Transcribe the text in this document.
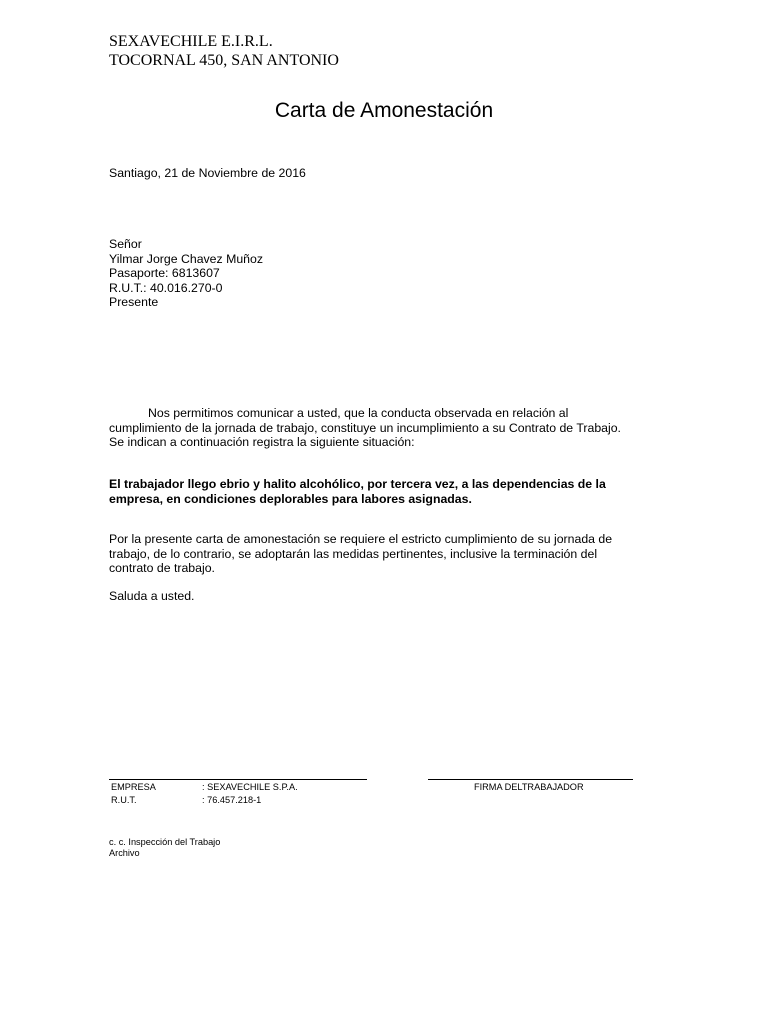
SEXAVECHILE E.I.R.L.
TOCORNAL 450, SAN ANTONIO
Carta de Amonestación
Santiago, 21 de Noviembre de 2016
Señor
Yilmar Jorge Chavez Muñoz
Pasaporte: 6813607
R.U.T.: 40.016.270-0
Presente
Nos permitimos comunicar a usted, que la conducta observada en relación al
cumplimiento de la jornada de trabajo, constituye un incumplimiento a su Contrato de Trabajo.
Se indican a continuación registra la siguiente situación:
El trabajador llego ebrio y halito alcohólico, por tercera vez, a las dependencias de la
empresa, en condiciones deplorables para labores asignadas.
Por la presente carta de amonestación se requiere el estricto cumplimiento de su jornada de
trabajo, de lo contrario, se adoptarán las medidas pertinentes, inclusive la terminación del
contrato de trabajo.
Saluda a usted.
EMPRESA	: SEXAVECHILE S.P.A.	FIRMA DELTRABAJADOR
R.U.T.	: 76.457.218-1
c. c. Inspección del Trabajo
Archivo
